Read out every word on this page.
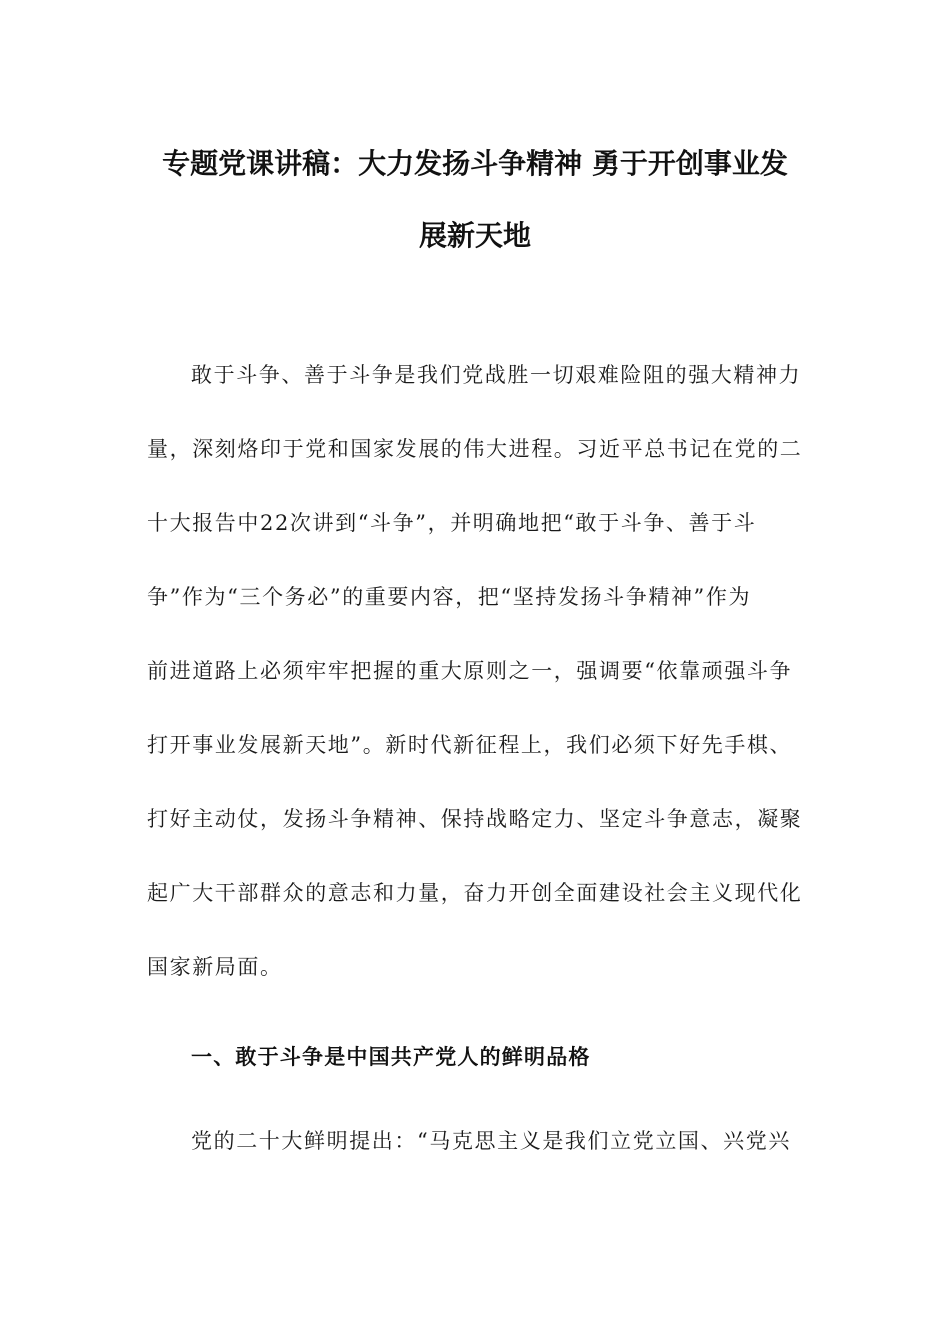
专题党课讲稿：大力发扬斗争精神 勇于开创事业发
展新天地
敢于斗争、善于斗争是我们党战胜一切艰难险阻的强大精神力
量，深刻烙印于党和国家发展的伟大进程。习近平总书记在党的二
十大报告中22次讲到“斗争”，并明确地把“敢于斗争、善于斗
争”作为“三个务必”的重要内容，把“坚持发扬斗争精神”作为
前进道路上必须牢牢把握的重大原则之一，强调要“依靠顽强斗争
打开事业发展新天地”。新时代新征程上，我们必须下好先手棋、
打好主动仗，发扬斗争精神、保持战略定力、坚定斗争意志，凝聚
起广大干部群众的意志和力量，奋力开创全面建设社会主义现代化
国家新局面。
一、敢于斗争是中国共产党人的鲜明品格
党的二十大鲜明提出：“马克思主义是我们立党立国、兴党兴
